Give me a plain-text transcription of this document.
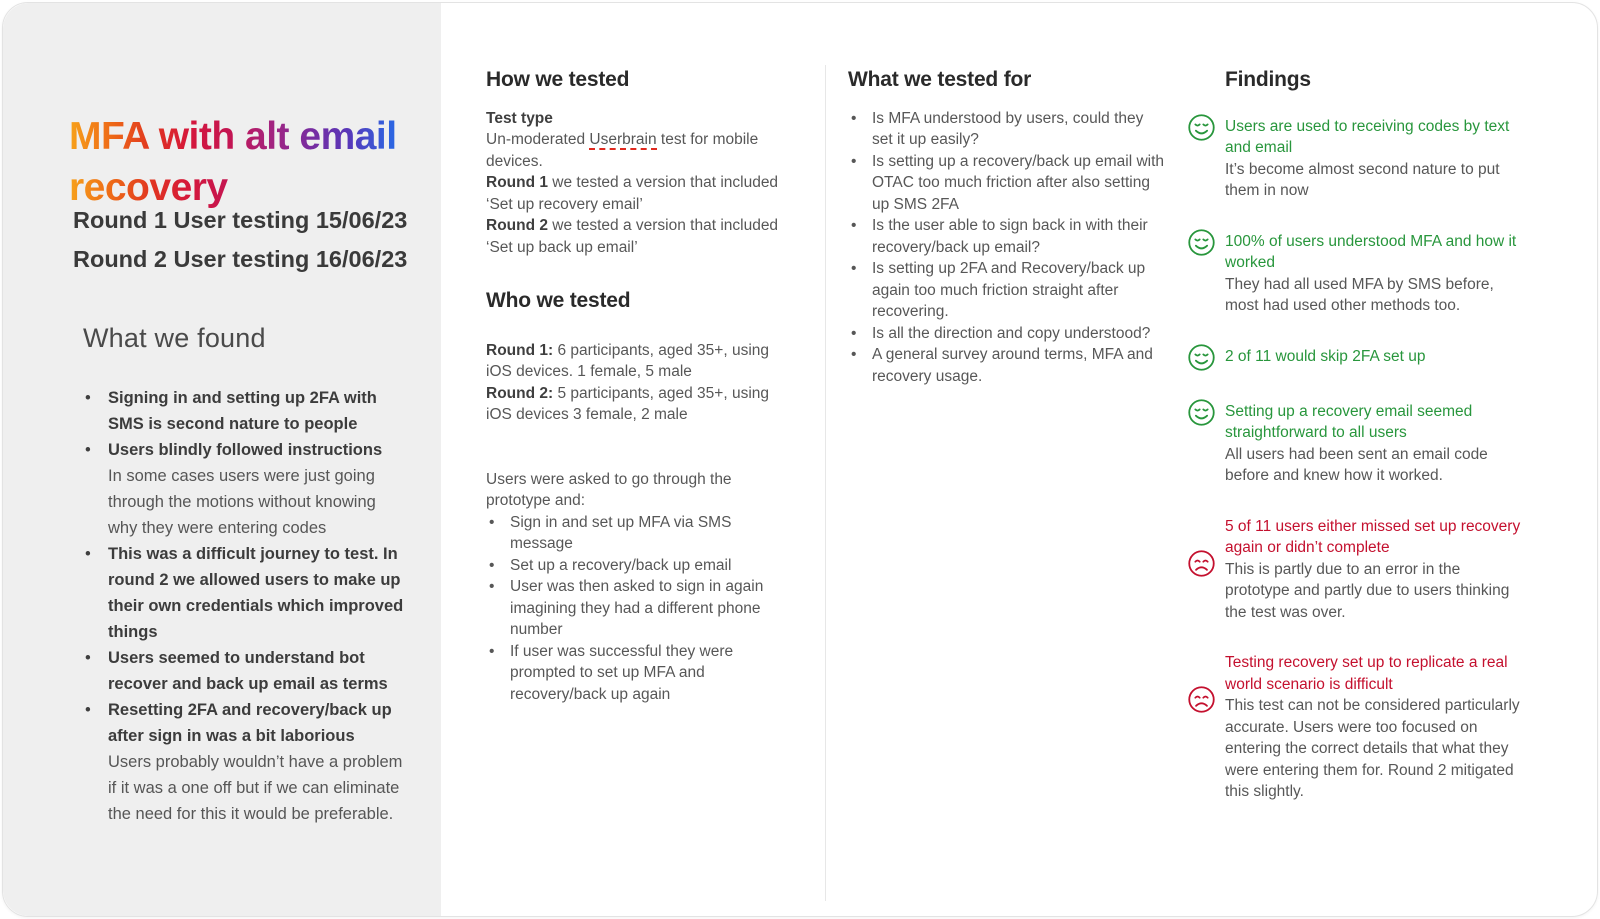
MFA with alt email recovery
Round 1 User testing 15/06/23
Round 2 User testing 16/06/23
What we found
• Signing in and setting up 2FA with SMS is second nature to people
• Users blindly followed instructions
In some cases users were just going through the motions without knowing why they were entering codes
• This was a difficult journey to test. In round 2 we allowed users to make up their own credentials which improved things
• Users seemed to understand bot recover and back up email as terms
• Resetting 2FA and recovery/back up after sign in was a bit laborious
Users probably wouldn’t have a problem if it was a one off but if we can eliminate the need for this it would be preferable.
How we tested

Test type

Un-moderated Userbrain test for mobile devices.

Round 1 we tested a version that included
‘Set up recovery email’

Round 2 we tested a version that included
‘Set up back up email’

Who we tested

Round 1: 6 participants, aged 35+, using iOS devices. 1 female, 5 male

Round 2: 5 participants, aged 35+, using iOS devices 3 female, 2 male

Users were asked to go through the prototype and:

• Sign in and set up MFA via SMS message
• Set up a recovery/back up email
• User was then asked to sign in again imagining they had a different phone number
• If user was successful they were prompted to set up MFA and recovery/back up again
What we tested for
• Is MFA understood by users, could they set it up easily?
• Is setting up a recovery/back up email with OTAC too much friction after also setting up SMS 2FA
• Is the user able to sign back in with their recovery/back up email?
• Is setting up 2FA and Recovery/back up again too much friction straight after recovering.
• Is all the direction and copy understood?
• A general survey around terms, MFA and recovery usage.
Findings
Users are used to receiving codes by text and email
It’s become almost second nature to put them in now
100% of users understood MFA and how it worked
They had all used MFA by SMS before, most had used other methods too.
2 of 11 would skip 2FA set up
Setting up a recovery email seemed straightforward to all users
All users had been sent an email code before and knew how it worked.
5 of 11 users either missed set up recovery again or didn’t complete
This is partly due to an error in the prototype and partly due to users thinking the test was over.
Testing recovery set up to replicate a real world scenario is difficult
This test can not be considered particularly accurate. Users were too focused on entering the correct details that what they were entering them for. Round 2 mitigated this slightly.
